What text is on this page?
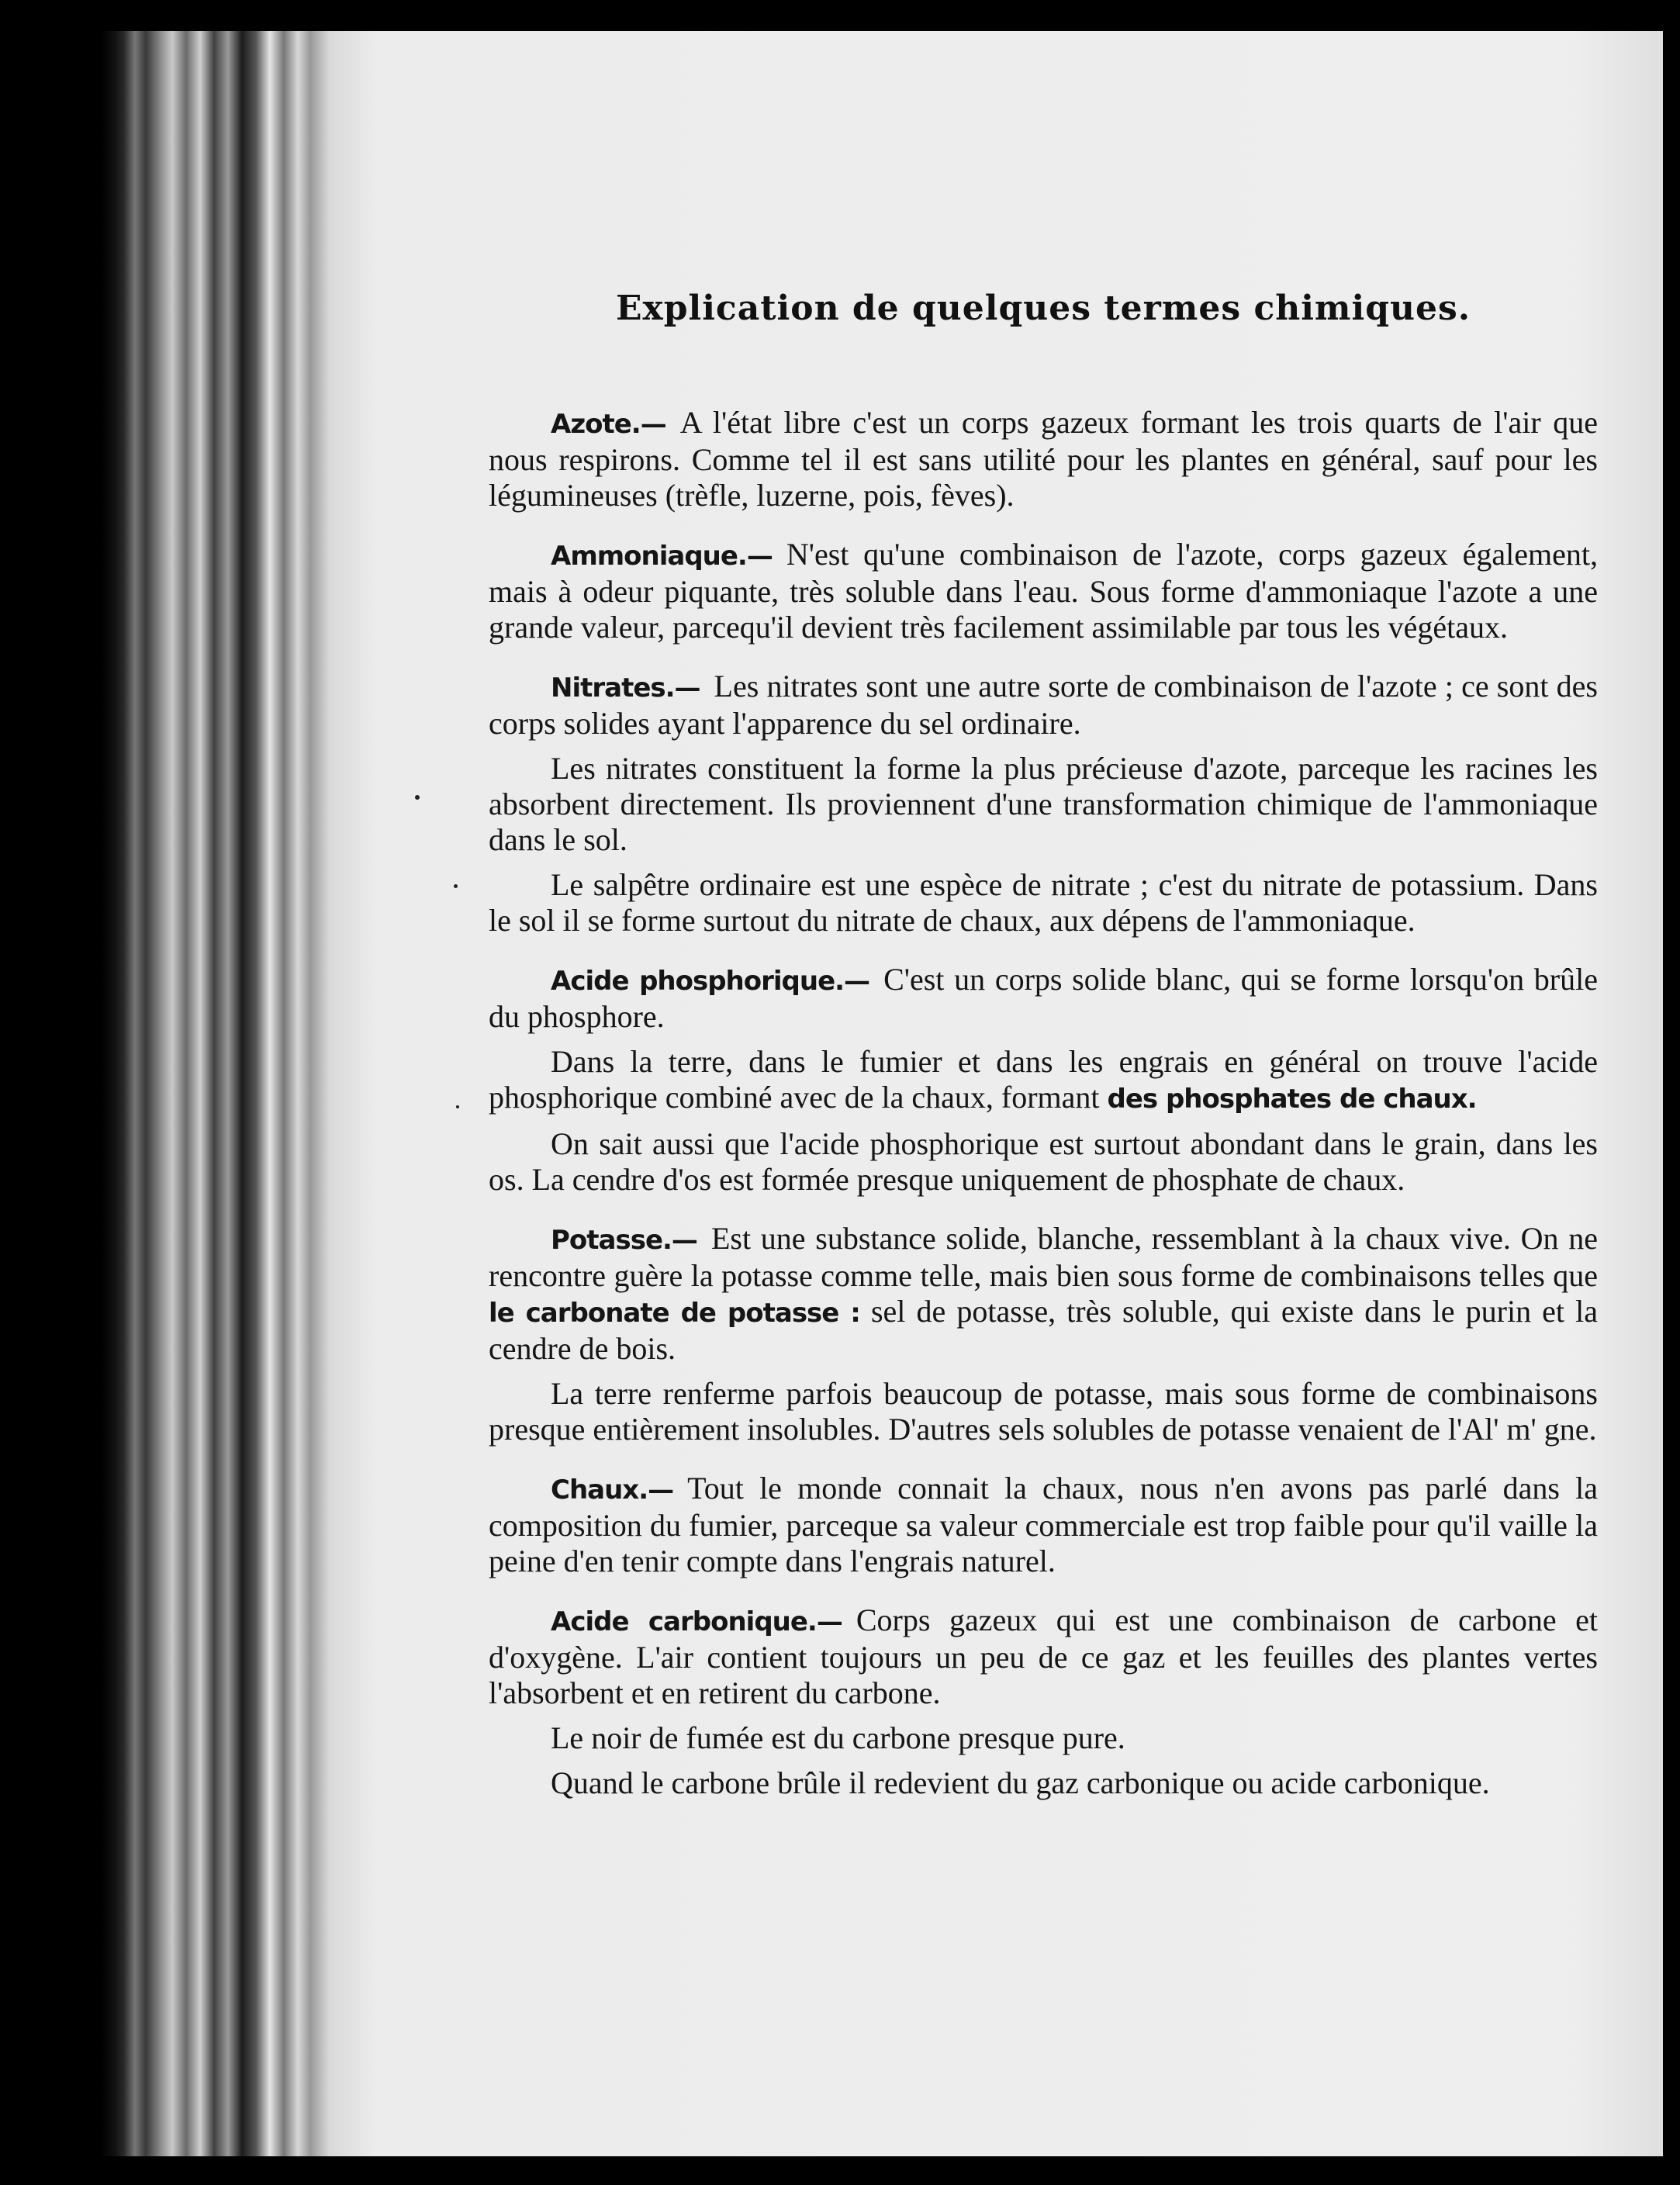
Explication de quelques termes chimiques.

Azote.— A l'état libre c'est un corps gazeux formant les trois quarts de l'air que nous respirons. Comme tel il est sans utilité pour les plantes en général, sauf pour les légumineuses (trèfle, luzerne, pois, fèves).

Ammoniaque.— N'est qu'une combinaison de l'azote, corps gazeux également, mais à odeur piquante, très soluble dans l'eau. Sous forme d'ammoniaque l'azote a une grande valeur, parcequ'il devient très facilement assimilable par tous les végétaux.

Nitrates.— Les nitrates sont une autre sorte de combinaison de l'azote ; ce sont des corps solides ayant l'apparence du sel ordinaire.

Les nitrates constituent la forme la plus précieuse d'azote, parceque les racines les absorbent directement. Ils proviennent d'une transformation chimique de l'ammoniaque dans le sol.

Le salpêtre ordinaire est une espèce de nitrate ; c'est du nitrate de potassium. Dans le sol il se forme surtout du nitrate de chaux, aux dépens de l'ammoniaque.

Acide phosphorique.— C'est un corps solide blanc, qui se forme lorsqu'on brûle du phosphore.

Dans la terre, dans le fumier et dans les engrais en général on trouve l'acide phosphorique combiné avec de la chaux, formant des phosphates de chaux.

On sait aussi que l'acide phosphorique est surtout abondant dans le grain, dans les os. La cendre d'os est formée presque uniquement de phosphate de chaux.

Potasse.— Est une substance solide, blanche, ressemblant à la chaux vive. On ne rencontre guère la potasse comme telle, mais bien sous forme de combinaisons telles que le carbonate de potasse : sel de potasse, très soluble, qui existe dans le purin et la cendre de bois.

La terre renferme parfois beaucoup de potasse, mais sous forme de combinaisons presque entièrement insolubles. D'autres sels solubles de potasse venaient de l'Al' m' gne.

Chaux.— Tout le monde connait la chaux, nous n'en avons pas parlé dans la composition du fumier, parceque sa valeur commerciale est trop faible pour qu'il vaille la peine d'en tenir compte dans l'engrais naturel.

Acide carbonique.— Corps gazeux qui est une combinaison de carbone et d'oxygène. L'air contient toujours un peu de ce gaz et les feuilles des plantes vertes l'absorbent et en retirent du carbone.

Le noir de fumée est du carbone presque pure.

Quand le carbone brûle il redevient du gaz carbonique ou acide carbonique.
